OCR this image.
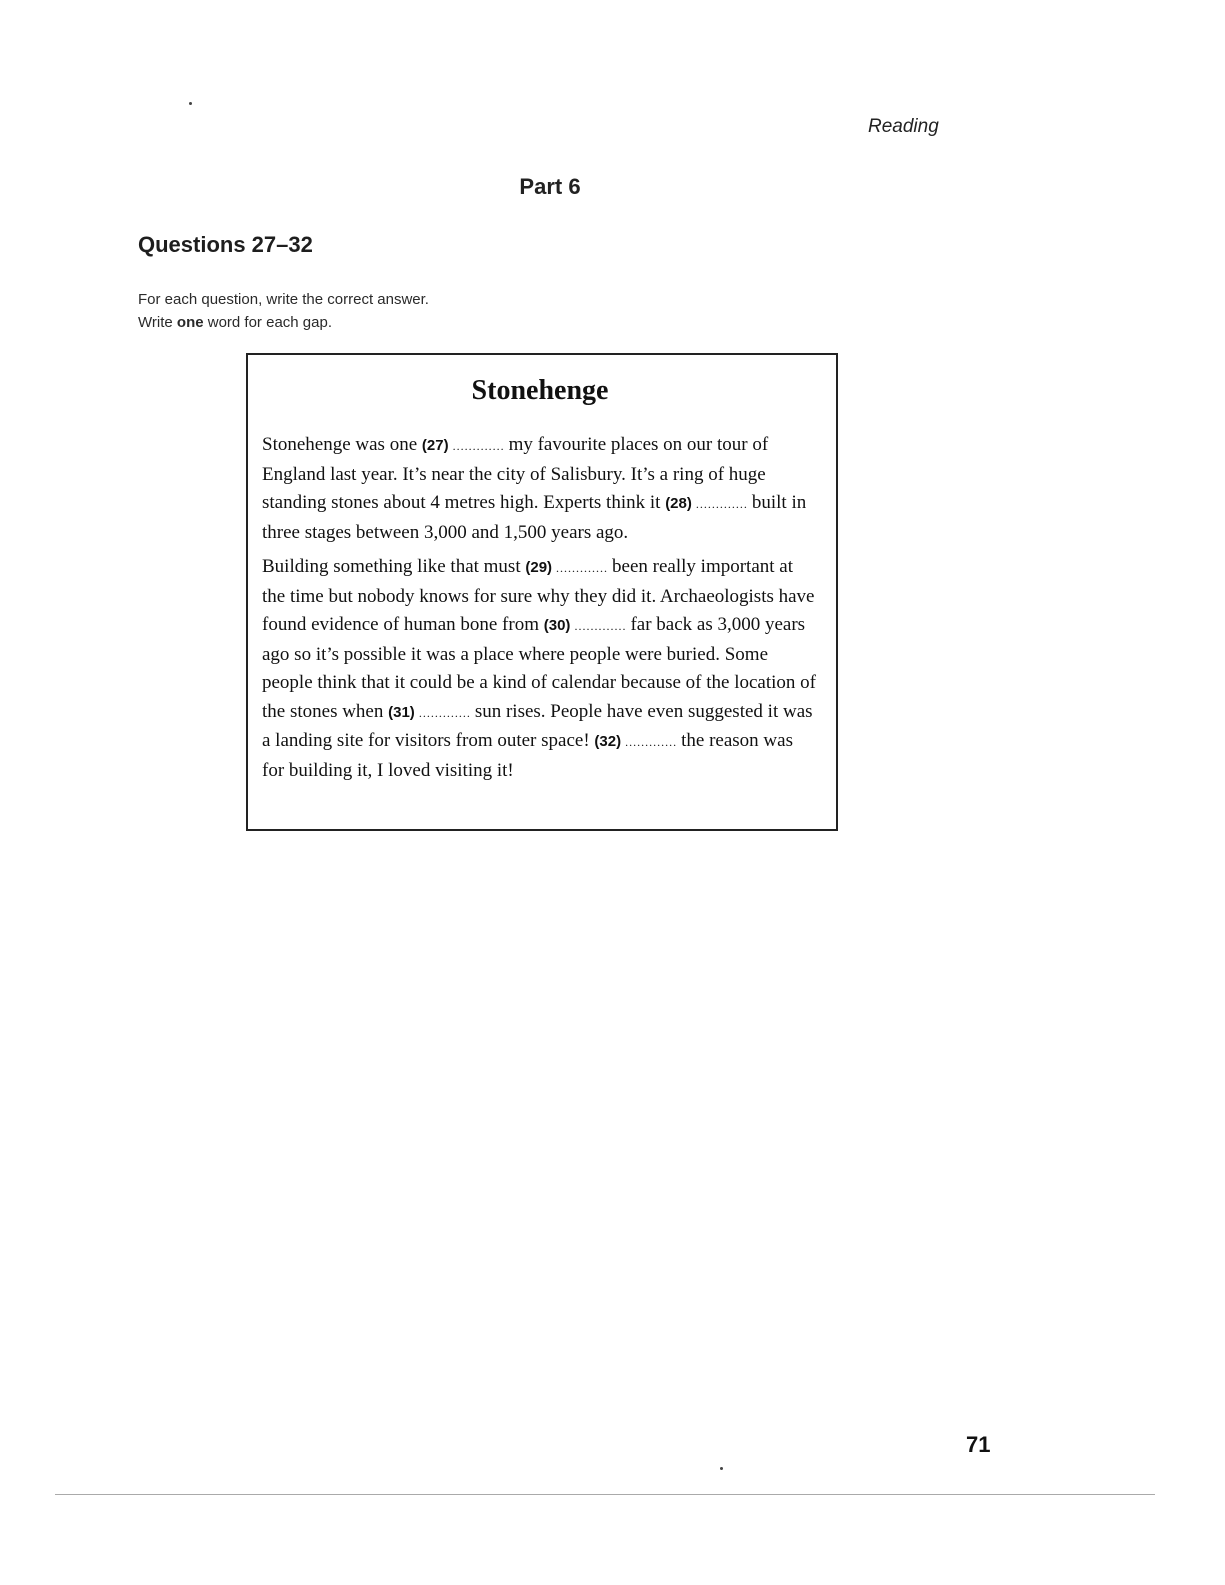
Reading
Part 6
Questions 27–32
For each question, write the correct answer.
Write one word for each gap.
Stonehenge

Stonehenge was one (27) ............. my favourite places on our tour of England last year. It’s near the city of Salisbury. It’s a ring of huge standing stones about 4 metres high. Experts think it (28) ............. built in three stages between 3,000 and 1,500 years ago.

Building something like that must (29) ............. been really important at the time but nobody knows for sure why they did it. Archaeologists have found evidence of human bone from (30) ............. far back as 3,000 years ago so it’s possible it was a place where people were buried. Some people think that it could be a kind of calendar because of the location of the stones when (31) ............. sun rises. People have even suggested it was a landing site for visitors from outer space! (32) ............. the reason was for building it, I loved visiting it!

71
